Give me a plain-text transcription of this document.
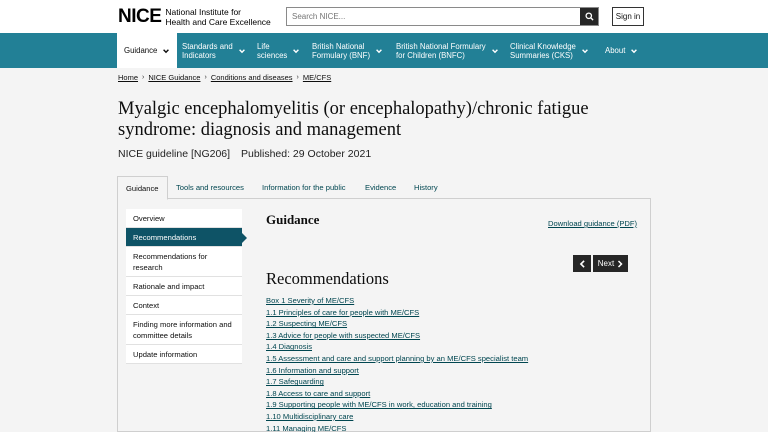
NICE National Institute for
Health and Care Excellence
Search NICE...
Sign in
Guidance	Standards and
Indicators
Life
sciences
British National
Formulary (BNF)
British National Formulary
for Children (BNFC)
Clinical Knowledge
Summaries (CKS)	About
Home › NICE Guidance › Conditions and diseases › ME/CFS
Myalgic encephalomyelitis (or encephalopathy)/chronic fatigue syndrome: diagnosis and management
NICE guideline [NG206] Published: 29 October 2021
Guidance	Tools and resources Information for the public	Evidence History
Overview
Recommendations
Recommendations for research
Rationale and impact
Context
Finding more information and committee details
Update information
Guidance	Download guidance (PDF)
Next
Recommendations
Box 1 Severity of ME/CFS
1.1 Principles of care for people with ME/CFS
1.2 Suspecting ME/CFS
1.3 Advice for people with suspected ME/CFS
1.4 Diagnosis
1.5 Assessment and care and support planning by an ME/CFS specialist team
1.6 Information and support
1.7 Safeguarding
1.8 Access to care and support
1.9 Supporting people with ME/CFS in work, education and training
1.10 Multidisciplinary care
1.11 Managing ME/CFS
